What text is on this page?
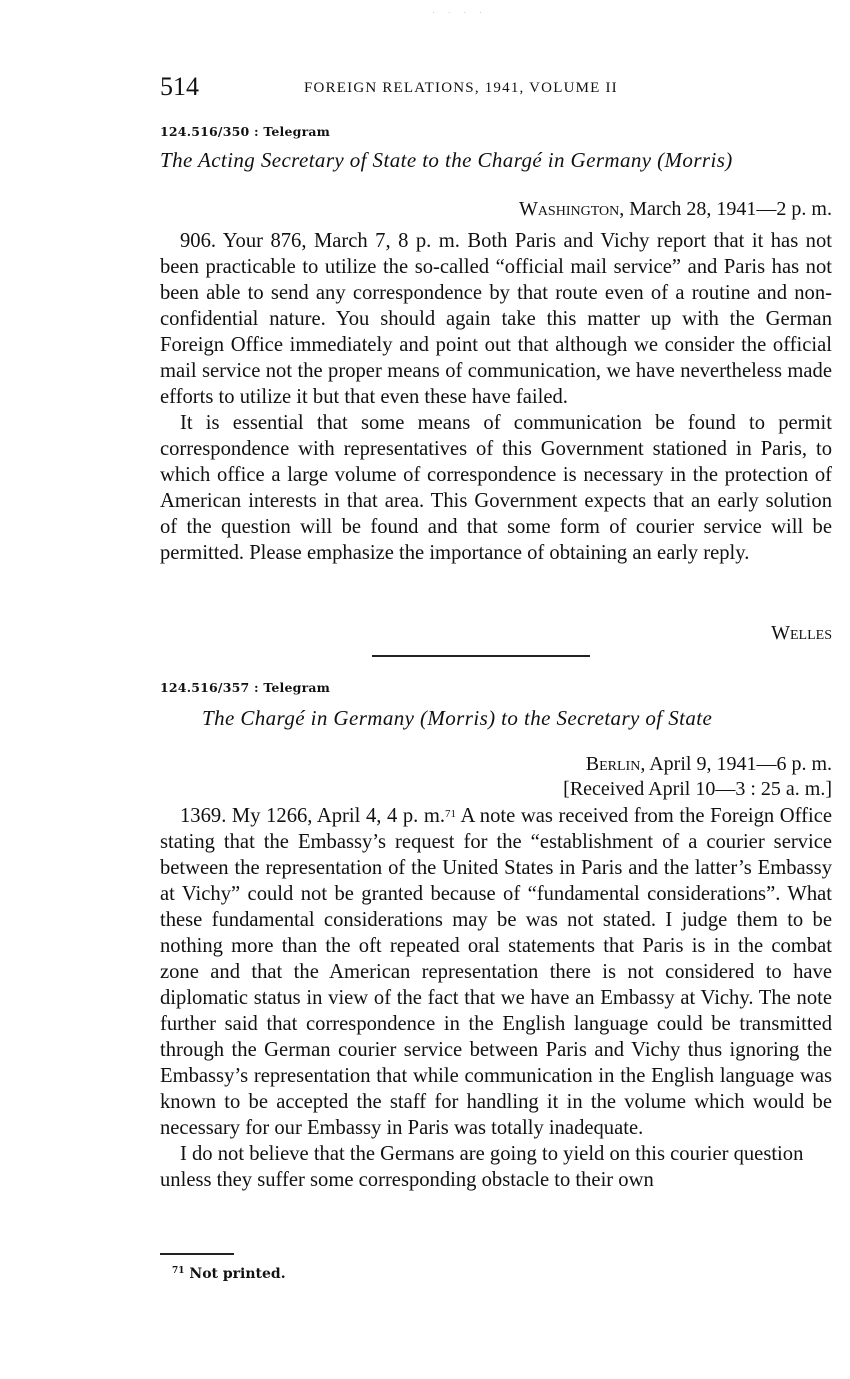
. . . .
514	FOREIGN RELATIONS, 1941, VOLUME II
124.516/350 : Telegram
The Acting Secretary of State to the Chargé in Germany (Morris)
Washington, March 28, 1941—2 p. m.

906. Your 876, March 7, 8 p. m. Both Paris and Vichy report that it has not been practicable to utilize the so-called “official mail service” and Paris has not been able to send any correspondence by that route even of a routine and non-confidential nature. You should again take this matter up with the German Foreign Office immediately and point out that although we consider the official mail service not the proper means of communication, we have nevertheless made efforts to utilize it but that even these have failed.

It is essential that some means of communication be found to permit correspondence with representatives of this Government stationed in Paris, to which office a large volume of correspondence is necessary in the protection of American interests in that area. This Government expects that an early solution of the question will be found and that some form of courier service will be permitted. Please emphasize the importance of obtaining an early reply.

Welles
124.516/357 : Telegram
The Chargé in Germany (Morris) to the Secretary of State
Berlin, April 9, 1941—6 p. m.
[Received April 10—3 : 25 a. m.]

1369. My 1266, April 4, 4 p. m.$^{71}$ A note was received from the Foreign Office stating that the Embassy’s request for the “establishment of a courier service between the representation of the United States in Paris and the latter’s Embassy at Vichy” could not be granted because of “fundamental considerations”. What these fundamental considerations may be was not stated. I judge them to be nothing more than the oft repeated oral statements that Paris is in the combat zone and that the American representation there is not considered to have diplomatic status in view of the fact that we have an Embassy at Vichy. The note further said that correspondence in the English language could be transmitted through the German courier service between Paris and Vichy thus ignoring the Embassy’s representation that while communication in the English language was known to be accepted the staff for handling it in the volume which would be necessary for our Embassy in Paris was totally inadequate.

I do not believe that the Germans are going to yield on this courier question unless they suffer some corresponding obstacle to their own

$^{71}$ Not printed.
